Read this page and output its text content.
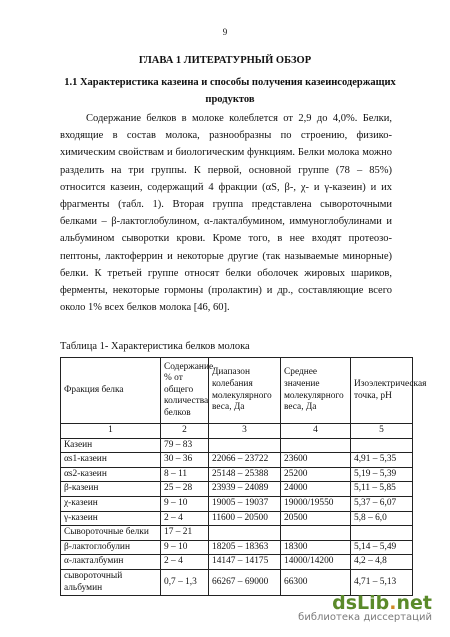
9
ГЛАВА 1 ЛИТЕРАТУРНЫЙ ОБЗОР
1.1 Характеристика казеина и способы получения казеинсодержащих продуктов

Содержание белков в молоке колеблется от 2,9 до 4,0%. Белки, входящие в состав молока, разнообразны по строению, физико-химическим свойствам и биологическим функциям. Белки молока можно разделить на три группы. К первой, основной группе (78 – 85%) относится казеин, содержащий 4 фракции (αS, β-, χ- и γ-казеин) и их фрагменты (табл. 1). Вторая группа представлена сывороточными белками – β-лактоглобулином, α-лакталбумином, иммуноглобулинами и альбумином сыворотки крови. Кроме того, в нее входят протеозо-пептоны, лактоферрин и некоторые другие (так называемые минорные) белки. К третьей группе относят белки оболочек жировых шариков, ферменты, некоторые гормоны (пролактин) и др., составляющие всего около 1% всех белков молока [46, 60].

Таблица 1- Характеристика белков молока
Фракция белка	Содержание, % от общего количества белков	Диапазон колебания молекулярного веса, Да	Среднее значение молекулярного веса, Да	Изоэлектрическая точка, pH
1	2	3	4	5
Казеин	79 – 83			
αs1-казеин	30 – 36	22066 – 23722	23600	4,91 – 5,35
αs2-казеин	8 – 11	25148 – 25388	25200	5,19 – 5,39
β-казеин	25 – 28	23939 – 24089	24000	5,11 – 5,85
χ-казеин	9 – 10	19005 – 19037	19000/19550	5,37 – 6,07
γ-казеин	2 – 4	11600 – 20500	20500	5,8 – 6,0
Сывороточные белки	17 – 21			
β-лактоглобулин	9 – 10	18205 – 18363	18300	5,14 – 5,49
α-лакталбумин	2 – 4	14147 – 14175	14000/14200	4,2 – 4,8
сывороточный альбумин	0,7 – 1,3	66267 – 69000	66300	4,71 – 5,13
dsLib.net
библиотека диссертаций
